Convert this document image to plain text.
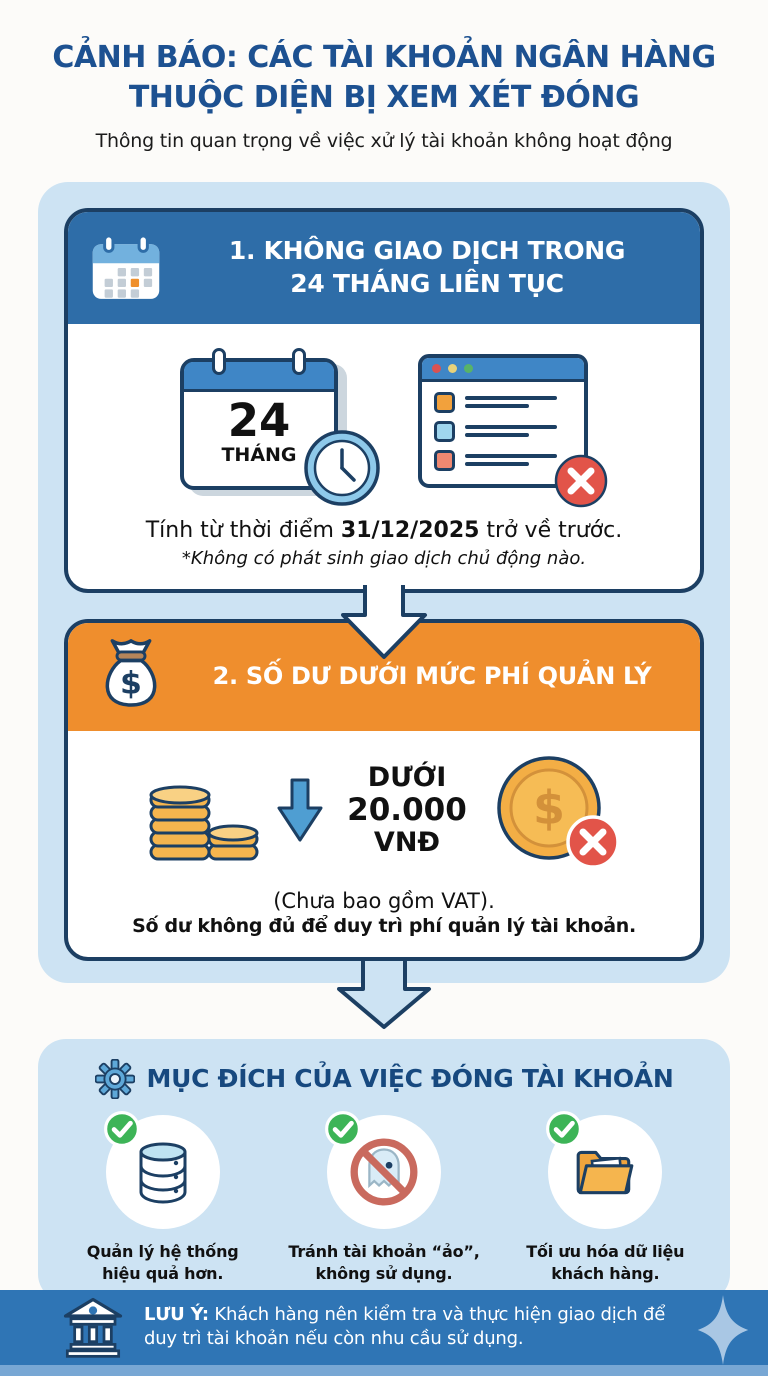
CẢNH BÁO: CÁC TÀI KHOẢN NGÂN HÀNG
THUỘC DIỆN BỊ XEM XÉT ĐÓNG
Thông tin quan trọng về việc xử lý tài khoản không hoạt động
1. KHÔNG GIAO DỊCH TRONG
24 THÁNG LIÊN TỤC
24
THÁNG
Tính từ thời điểm 31/12/2025 trở về trước.
*Không có phát sinh giao dịch chủ động nào.
$	2. SỐ DƯ DƯỚI MỨC PHÍ QUẢN LÝ
DƯỚI
20.000
VNĐ
$
(Chưa bao gồm VAT).
Số dư không đủ để duy trì phí quản lý tài khoản.
MỤC ĐÍCH CỦA VIỆC ĐÓNG TÀI KHOẢN
Quản lý hệ thống
hiệu quả hơn.
Tránh tài khoản “ảo”,
không sử dụng.
Tối ưu hóa dữ liệu
khách hàng.
LƯU Ý: Khách hàng nên kiểm tra và thực hiện giao dịch để duy trì tài khoản nếu còn nhu cầu sử dụng.
